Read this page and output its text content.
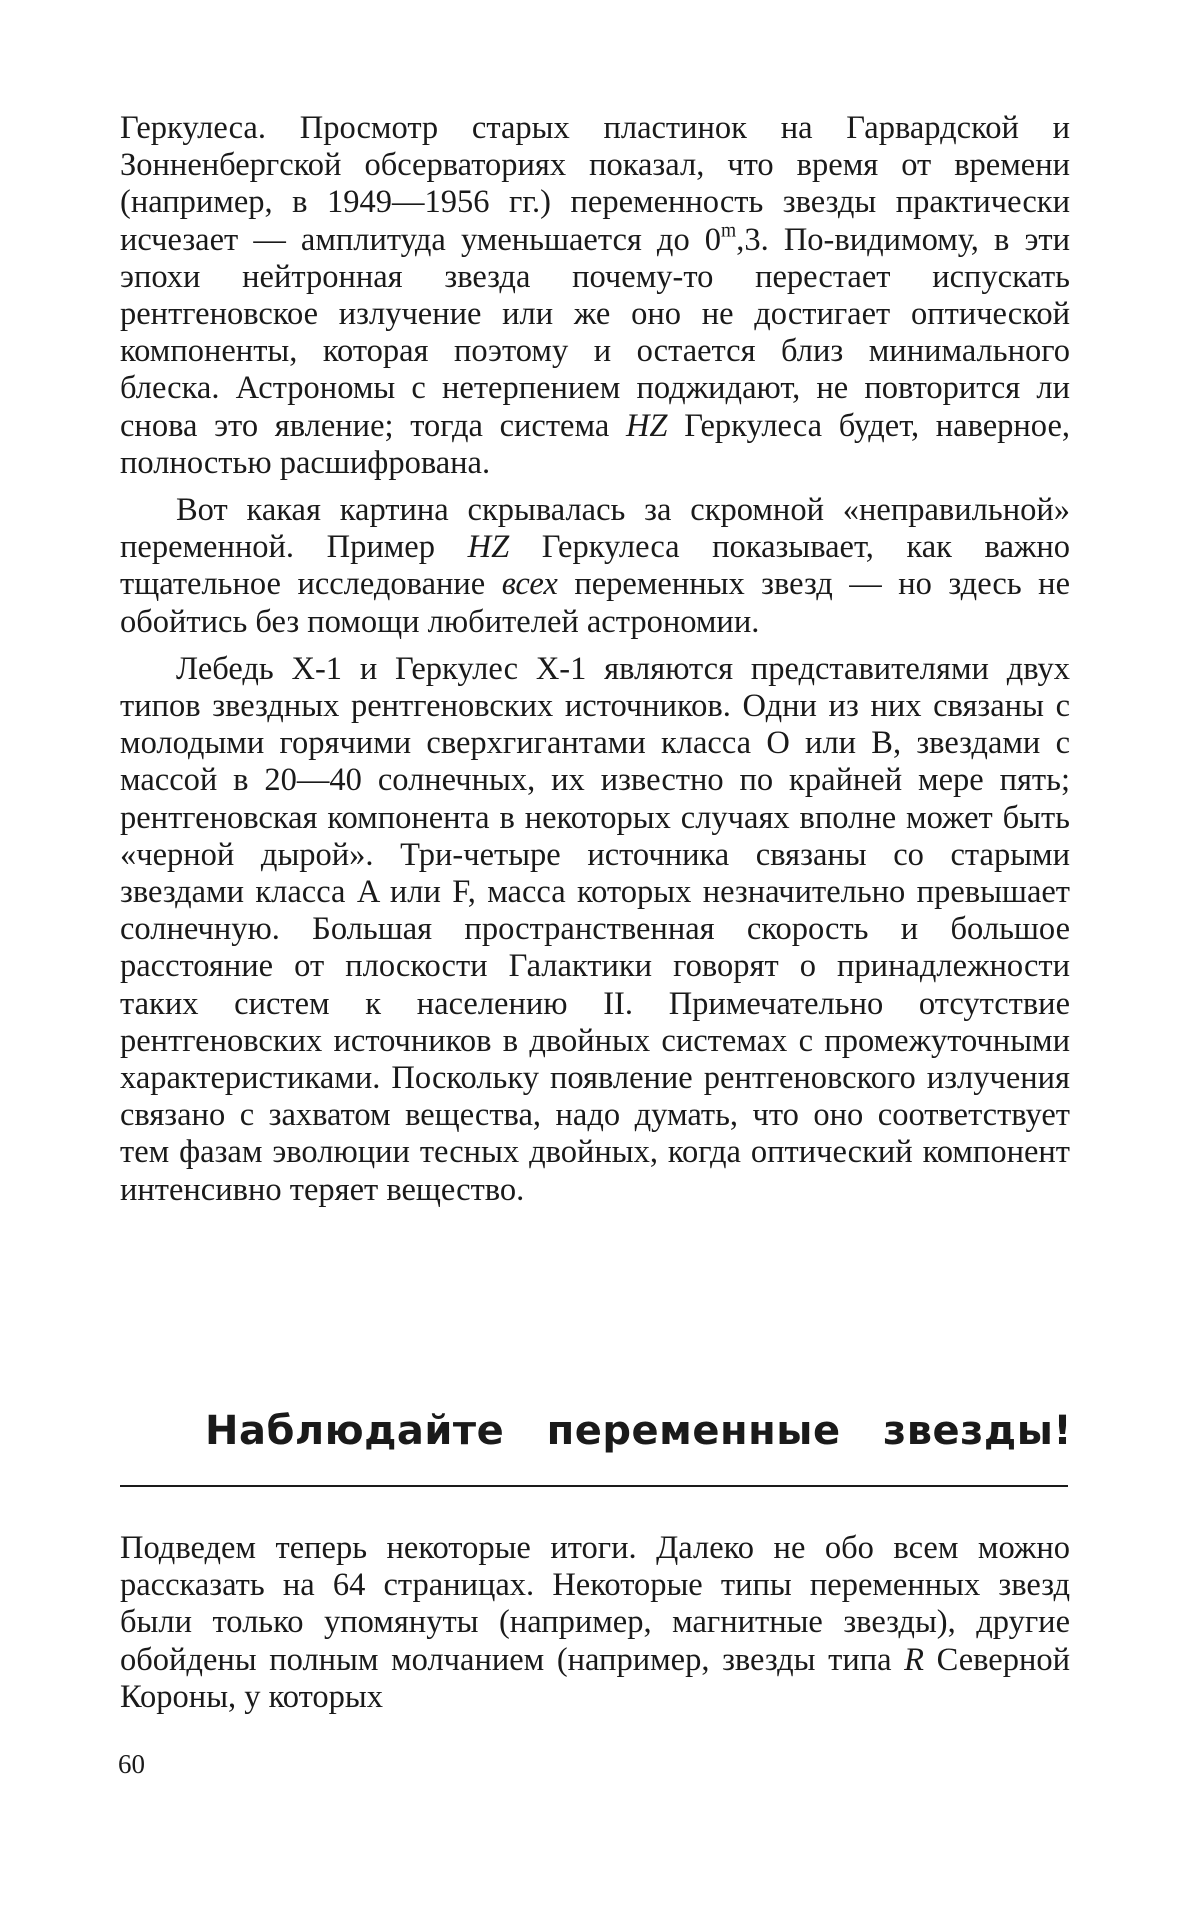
Геркулеса. Просмотр старых пластинок на Гарвардской и Зонненбергской обсерваториях показал, что время от времени (например, в 1949—1956 гг.) переменность звезды практически исчезает — амплитуда уменьшается до 0$^m$,3. По-видимому, в эти эпохи нейтронная звезда почему-то перестает испускать рентгеновское излучение или же оно не достигает оптической компоненты, которая поэтому и остается близ минимального блеска. Астрономы с нетерпением поджидают, не повторится ли снова это явление; тогда система HZ Геркулеса будет, наверное, полностью расшифрована.

Вот какая картина скрывалась за скромной «неправильной» переменной. Пример HZ Геркулеса показывает, как важно тщательное исследование всех переменных звезд — но здесь не обойтись без помощи любителей астрономии.

Лебедь X-1 и Геркулес X-1 являются представителями двух типов звездных рентгеновских источников. Одни из них связаны с молодыми горячими сверхгигантами класса O или B, звездами с массой в 20—40 солнечных, их известно по крайней мере пять; рентгеновская компонента в некоторых случаях вполне может быть «черной дырой». Три-четыре источника связаны со старыми звездами класса A или F, масса которых незначительно превышает солнечную. Большая пространственная скорость и большое расстояние от плоскости Галактики говорят о принадлежности таких систем к населению II. Примечательно отсутствие рентгеновских источников в двойных системах с промежуточными характеристиками. Поскольку появление рентгеновского излучения связано с захватом вещества, надо думать, что оно соответствует тем фазам эволюции тесных двойных, когда оптический компонент интенсивно теряет вещество.

Наблюдайте переменные звезды!

Подведем теперь некоторые итоги. Далеко не обо всем можно рассказать на 64 страницах. Некоторые типы переменных звезд были только упомянуты (например, магнитные звезды), другие обойдены полным молчанием (например, звезды типа R Северной Короны, у которых

60
